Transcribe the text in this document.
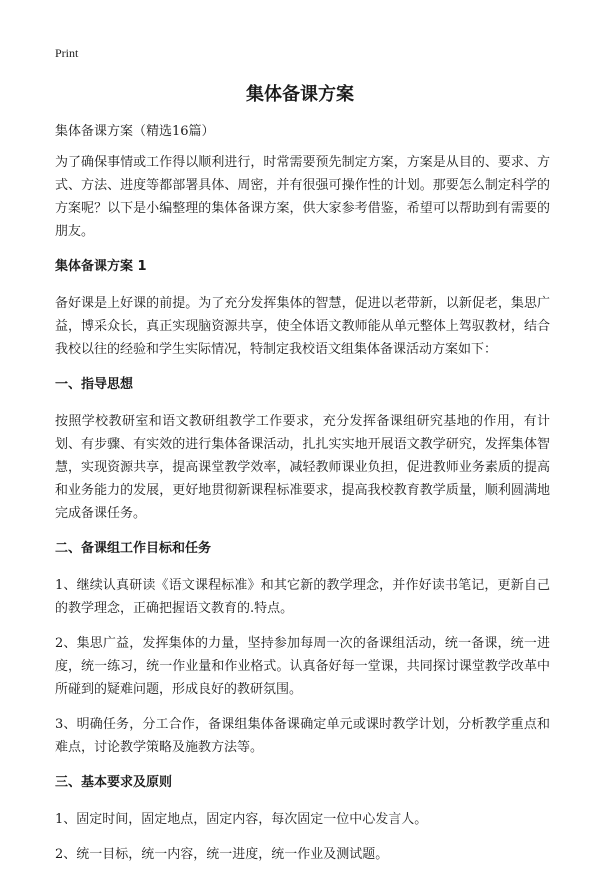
Print
集体备课方案

集体备课方案（精选16篇）

为了确保事情或工作得以顺利进行，时常需要预先制定方案，方案是从目的、要求、方式、方法、进度等都部署具体、周密，并有很强可操作性的计划。那要怎么制定科学的方案呢？以下是小编整理的集体备课方案，供大家参考借鉴，希望可以帮助到有需要的朋友。

集体备课方案 1

备好课是上好课的前提。为了充分发挥集体的智慧，促进以老带新，以新促老，集思广益，博采众长，真正实现脑资源共享，使全体语文教师能从单元整体上驾驭教材，结合我校以往的经验和学生实际情况，特制定我校语文组集体备课活动方案如下：

一、指导思想

按照学校教研室和语文教研组教学工作要求，充分发挥备课组研究基地的作用，有计划、有步骤、有实效的进行集体备课活动，扎扎实实地开展语文教学研究，发挥集体智慧，实现资源共享，提高课堂教学效率，减轻教师课业负担，促进教师业务素质的提高和业务能力的发展，更好地贯彻新课程标准要求，提高我校教育教学质量，顺利圆满地完成备课任务。

二、备课组工作目标和任务

1、继续认真研读《语文课程标准》和其它新的教学理念，并作好读书笔记，更新自己的教学理念，正确把握语文教育的.特点。

2、集思广益，发挥集体的力量，坚持参加每周一次的备课组活动，统一备课，统一进度，统一练习，统一作业量和作业格式。认真备好每一堂课，共同探讨课堂教学改革中所碰到的疑难问题，形成良好的教研氛围。

3、明确任务，分工合作，备课组集体备课确定单元或课时教学计划，分析教学重点和难点，讨论教学策略及施教方法等。

三、基本要求及原则

1、固定时间，固定地点，固定内容，每次固定一位中心发言人。

2、统一目标，统一内容，统一进度，统一作业及测试题。
